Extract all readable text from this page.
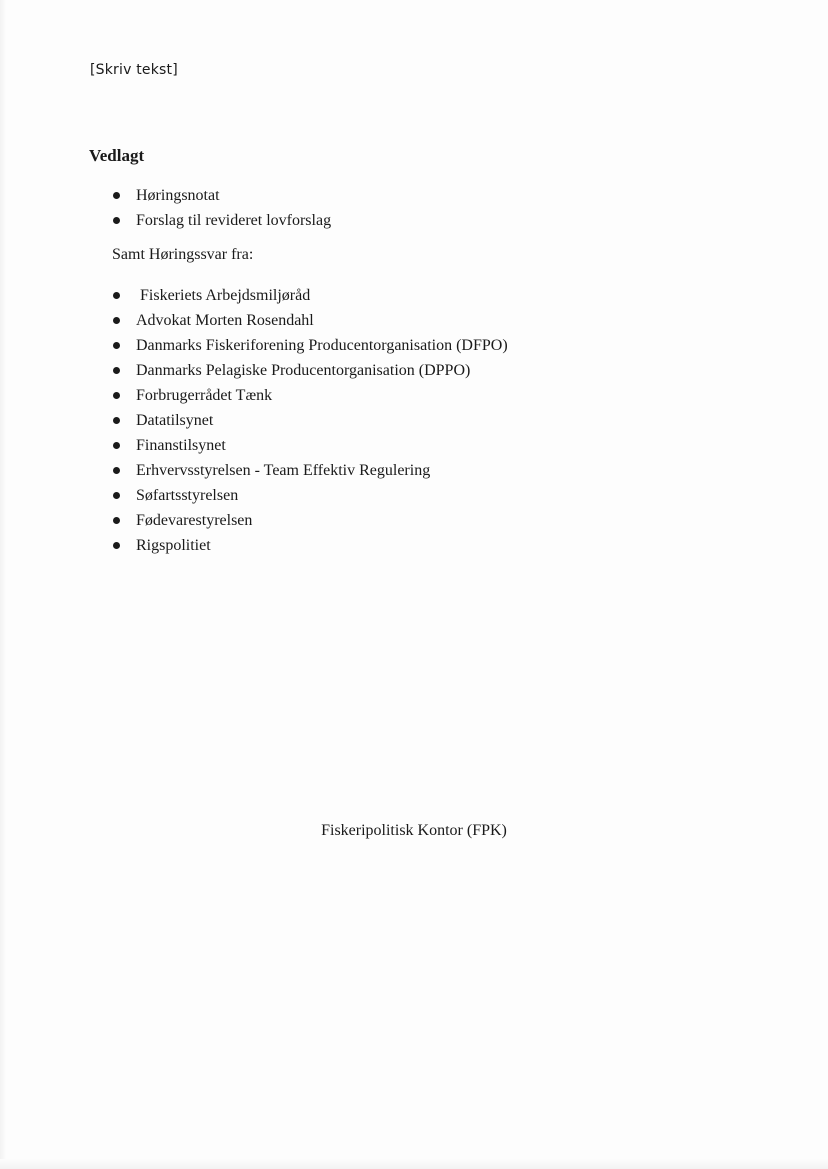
[Skriv tekst]
Vedlagt
Høringsnotat
Forslag til revideret lovforslag
Samt Høringssvar fra:
Fiskeriets Arbejdsmiljøråd
Advokat Morten Rosendahl
Danmarks Fiskeriforening Producentorganisation (DFPO)
Danmarks Pelagiske Producentorganisation (DPPO)
Forbrugerrådet Tænk
Datatilsynet
Finanstilsynet
Erhvervsstyrelsen - Team Effektiv Regulering
Søfartsstyrelsen
Fødevarestyrelsen
Rigspolitiet
Fiskeripolitisk Kontor (FPK)
